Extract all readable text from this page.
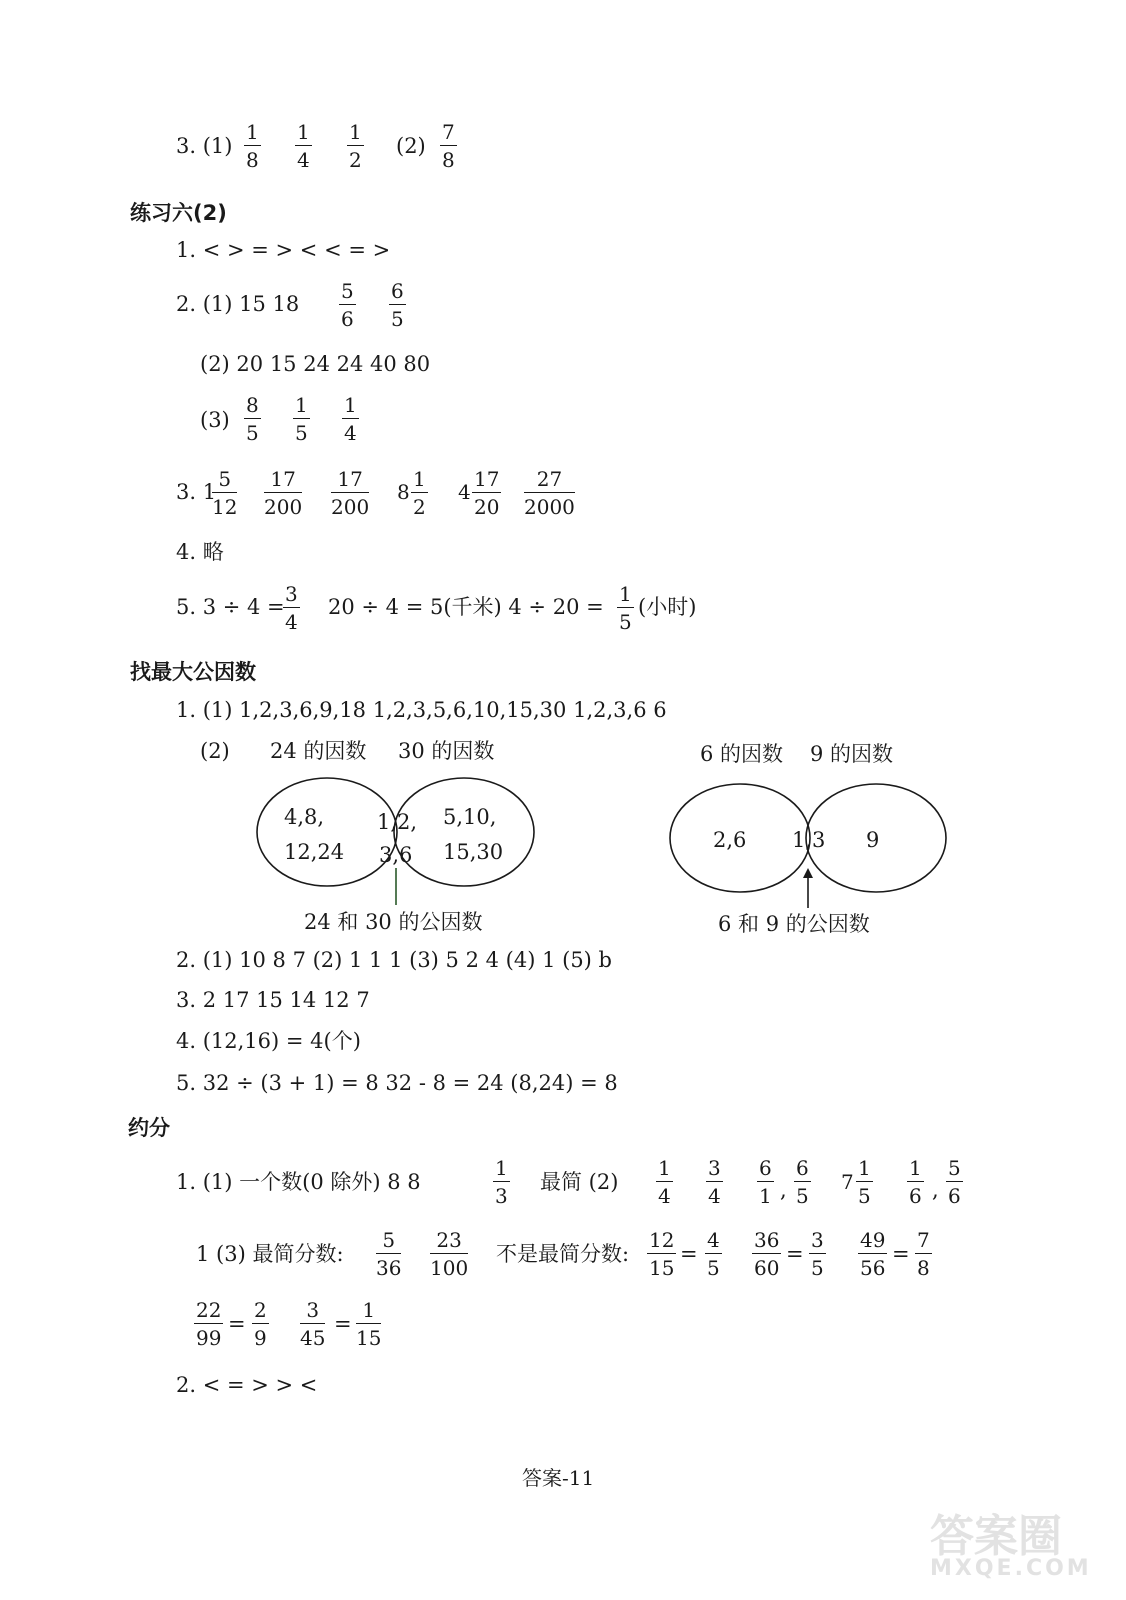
3. $(1) \frac{1}{8} \frac{1}{4} \frac{1}{2} (2) \frac{7}{8}$
练习六(2)
1. < > = > < < = >
2. (1) 15 $18 \frac{5}{6} \frac{6}{5}$
(2) 20 15 24 24 40 80
$(3) \frac{8}{5} \frac{1}{5} \frac{1}{4}$
3. 1
$\frac{5}{12} \frac{17}{200} \frac{17}{200} 8 \frac{1}{2} 4 \frac{17}{20} \frac{27}{2000}$
4. 略
5. 3 ÷ 4 =
$\frac{3}{4} 20 \div 4 = 5$(千米) $4 \div 20 = \frac{1}{5}$ (小时)
找最大公因数
1. (1) 1,2,3,6,9,18 1,2,3,5,6,10,15,30 1,2,3,6 6
(2) 24 的因数 30 的因数
4,8,
12,24
1,2,
3,6
5,10,
15,30
24 和 30 的公因数
6 的因数 9 的因数
2,6 1,3 9
6 和 9 的公因数
2. (1) 10 8 7 (2) 1 1 1 (3) 5 2 4 (4) 1 (5) b
3. 2 17 15 14 12 7
4. (12,16) = 4(个)
5. 32 ÷ (3 + 1) = 8 32 - 8 = 24 (8,24) = 8
约分
1. (1) 一个数(0 除外) 8 8	$\frac{1}{3}$ 最简 $(2) \frac{1}{4} \frac{3}{4} \frac{6}{1}$ , $\frac{6}{5} 7 \frac{1}{5} \frac{1}{6}$ , $\frac{5}{6}$
1 (3) 最简分数: $\frac{5}{36} \frac{23}{100}$ 不是最简分数: $\frac{12}{15} = \frac{4}{5} \frac{36}{60} = \frac{3}{5} \frac{49}{56} = \frac{7}{8}$
$\frac{22}{99} = \frac{2}{9} \frac{3}{45} = \frac{1}{15}$
2. < = > > <
答案-11
答案圈
MXQE.COM
